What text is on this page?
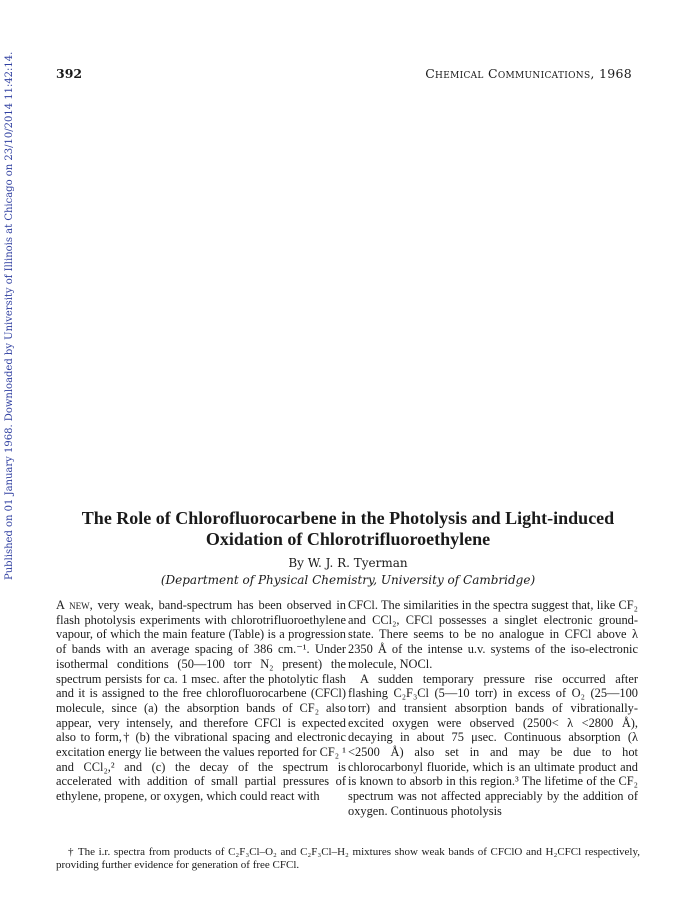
392	Chemical Communications, 1968
Published on 01 January 1968. Downloaded by University of Illinois at Chicago on 23/10/2014 11:42:14.	The Role of Chlorofluorocarbene in the Photolysis and Light-induced
Oxidation of Chlorotrifluoroethylene
By W. J. R. Tyerman
(Department of Physical Chemistry, University of Cambridge)

A new, very weak, band-spectrum has been observed in flash photolysis experiments with chlorotrifluoroethylene vapour, of which the main feature (Table) is a progression of bands with an average spacing of 386 cm.⁻¹. Under isothermal conditions (50—100 torr N₂ present) the spectrum persists for ca. 1 msec. after the photolytic flash and it is assigned to the free chlorofluorocarbene (CFCl) molecule, since (a) the absorption bands of CF₂ also appear, very intensely, and therefore CFCl is expected also to form,† (b) the vibrational spacing and electronic excitation energy lie between the values reported for CF₂ ¹ and CCl₂,² and (c) the decay of the spectrum is accelerated with addition of small partial pressures of ethylene, propene, or oxygen, which could react with

CFCl. The similarities in the spectra suggest that, like CF₂ and CCl₂, CFCl possesses a singlet electronic ground-state. There seems to be no analogue in CFCl above λ 2350 Å of the intense u.v. systems of the iso-electronic molecule, NOCl.

A sudden temporary pressure rise occurred after flashing C₂F₃Cl (5—10 torr) in excess of O₂ (25—100 torr) and transient absorption bands of vibrationally-excited oxygen were observed (2500< λ <2800 Å), decaying in about 75 μsec. Continuous absorption (λ <2500 Å) also set in and may be due to hot chlorocarbonyl fluoride, which is an ultimate product and is known to absorb in this region.³ The lifetime of the CF₂ spectrum was not affected appreciably by the addition of oxygen. Continuous photolysis

† The i.r. spectra from products of C₂F₃Cl–O₂ and C₂F₃Cl–H₂ mixtures show weak bands of CFClO and H₂CFCl respectively, providing further evidence for generation of free CFCl.
